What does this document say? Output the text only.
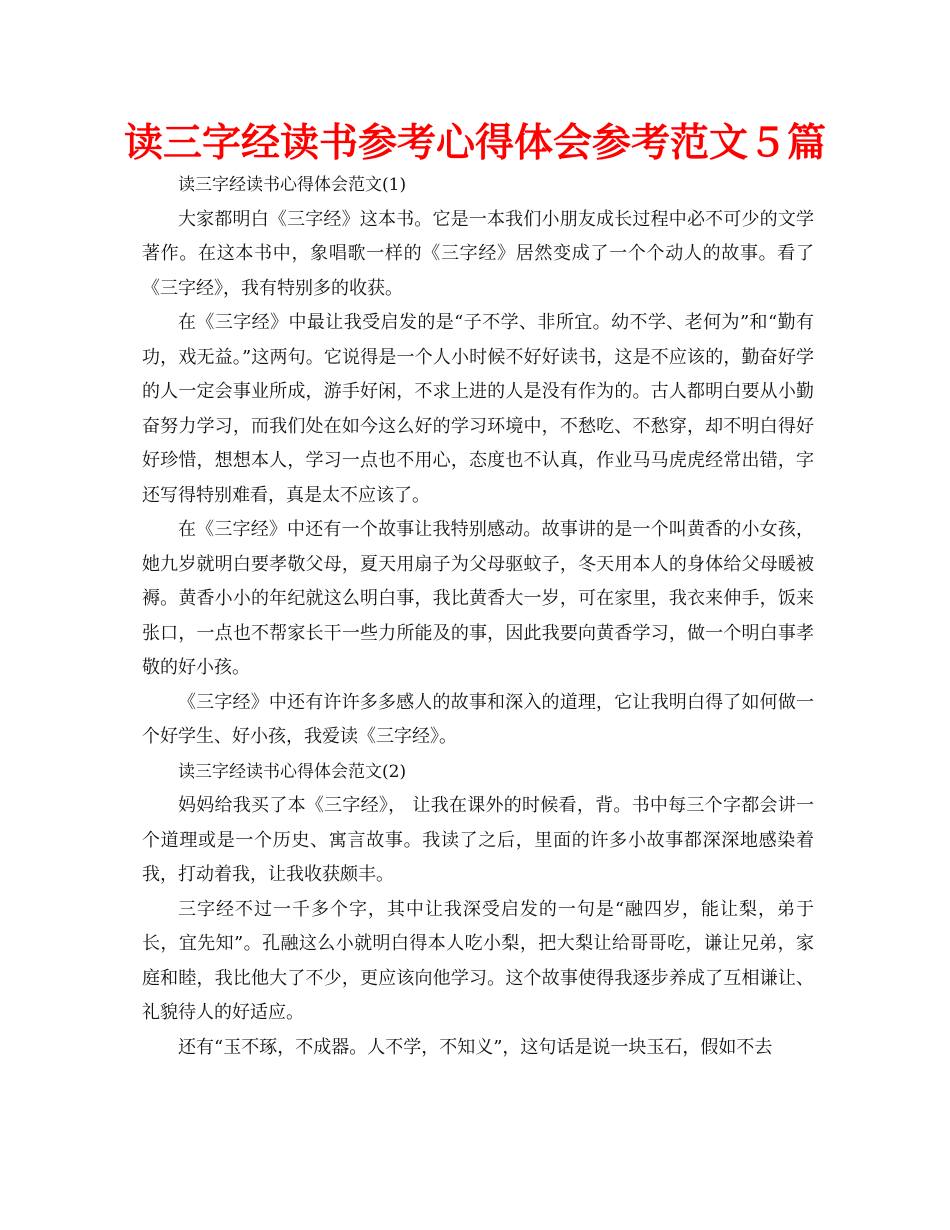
读三字经读书参考心得体会参考范文５篇

读三字经读书心得体会范文(1)

大家都明白《三字经》这本书。它是一本我们小朋友成长过程中必不可少的文学著作。在这本书中，象唱歌一样的《三字经》居然变成了一个个动人的故事。看了《三字经》，我有特别多的收获。

在《三字经》中最让我受启发的是“子不学、非所宜。幼不学、老何为”和“勤有功，戏无益。”这两句。它说得是一个人小时候不好好读书，这是不应该的，勤奋好学的人一定会事业所成，游手好闲，不求上进的人是没有作为的。古人都明白要从小勤奋努力学习，而我们处在如今这么好的学习环境中，不愁吃、不愁穿，却不明白得好好珍惜，想想本人，学习一点也不用心，态度也不认真，作业马马虎虎经常出错，字还写得特别难看，真是太不应该了。

在《三字经》中还有一个故事让我特别感动。故事讲的是一个叫黄香的小女孩，她九岁就明白要孝敬父母，夏天用扇子为父母驱蚊子，冬天用本人的身体给父母暖被褥。黄香小小的年纪就这么明白事，我比黄香大一岁，可在家里，我衣来伸手，饭来张口，一点也不帮家长干一些力所能及的事，因此我要向黄香学习，做一个明白事孝敬的好小孩。

《三字经》中还有许许多多感人的故事和深入的道理，它让我明白得了如何做一个好学生、好小孩，我爱读《三字经》。

读三字经读书心得体会范文(2)

妈妈给我买了本《三字经》， 让我在课外的时候看，背。书中每三个字都会讲一个道理或是一个历史、寓言故事。我读了之后，里面的许多小故事都深深地感染着我，打动着我，让我收获颇丰。

三字经不过一千多个字，其中让我深受启发的一句是“融四岁，能让梨，弟于长，宜先知”。孔融这么小就明白得本人吃小梨，把大梨让给哥哥吃，谦让兄弟，家庭和睦，我比他大了不少，更应该向他学习。这个故事使得我逐步养成了互相谦让、礼貌待人的好适应。

还有“玉不琢，不成器。人不学，不知义”，这句话是说一块玉石，假如不去
